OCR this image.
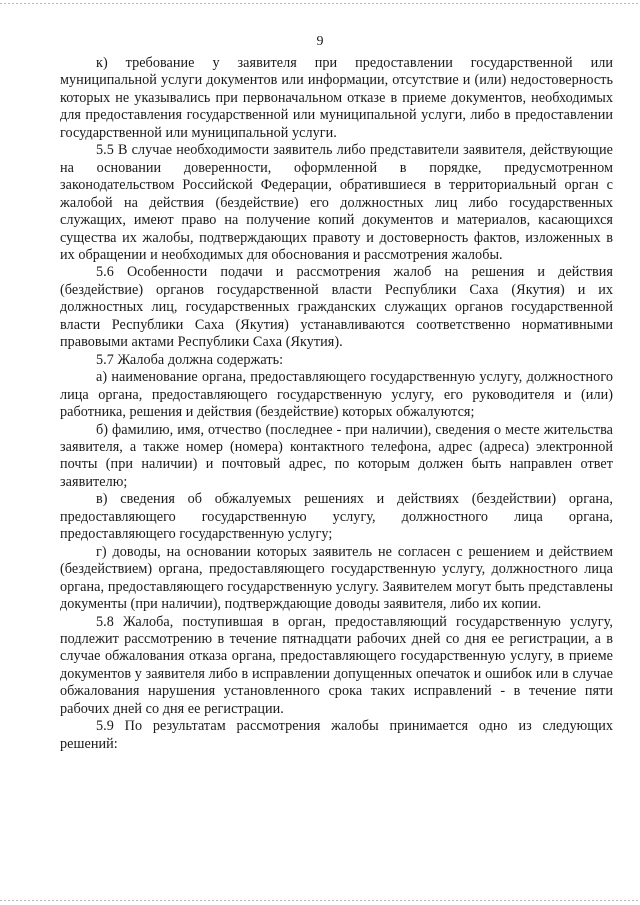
9

к) требование у заявителя при предоставлении государственной или муниципальной услуги документов или информации, отсутствие и (или) недостоверность которых не указывались при первоначальном отказе в приеме документов, необходимых для предоставления государственной или муниципальной услуги, либо в предоставлении государственной или муниципальной услуги.

5.5 В случае необходимости заявитель либо представители заявителя, действующие на основании доверенности, оформленной в порядке, предусмотренном законодательством Российской Федерации, обратившиеся в территориальный орган с жалобой на действия (бездействие) его должностных лиц либо государственных служащих, имеют право на получение копий документов и материалов, касающихся существа их жалобы, подтверждающих правоту и достоверность фактов, изложенных в их обращении и необходимых для обоснования и рассмотрения жалобы.

5.6 Особенности подачи и рассмотрения жалоб на решения и действия (бездействие) органов государственной власти Республики Саха (Якутия) и их должностных лиц, государственных гражданских служащих органов государственной власти Республики Саха (Якутия) устанавливаются соответственно нормативными правовыми актами Республики Саха (Якутия).

5.7 Жалоба должна содержать:

а) наименование органа, предоставляющего государственную услугу, должностного лица органа, предоставляющего государственную услугу, его руководителя и (или) работника, решения и действия (бездействие) которых обжалуются;

б) фамилию, имя, отчество (последнее - при наличии), сведения о месте жительства заявителя, а также номер (номера) контактного телефона, адрес (адреса) электронной почты (при наличии) и почтовый адрес, по которым должен быть направлен ответ заявителю;

в) сведения об обжалуемых решениях и действиях (бездействии) органа, предоставляющего государственную услугу, должностного лица органа, предоставляющего государственную услугу;

г) доводы, на основании которых заявитель не согласен с решением и действием (бездействием) органа, предоставляющего государственную услугу, должностного лица органа, предоставляющего государственную услугу. Заявителем могут быть представлены документы (при наличии), подтверждающие доводы заявителя, либо их копии.

5.8 Жалоба, поступившая в орган, предоставляющий государственную услугу, подлежит рассмотрению в течение пятнадцати рабочих дней со дня ее регистрации, а в случае обжалования отказа органа, предоставляющего государственную услугу, в приеме документов у заявителя либо в исправлении допущенных опечаток и ошибок или в случае обжалования нарушения установленного срока таких исправлений - в течение пяти рабочих дней со дня ее регистрации.

5.9 По результатам рассмотрения жалобы принимается одно из следующих решений:
